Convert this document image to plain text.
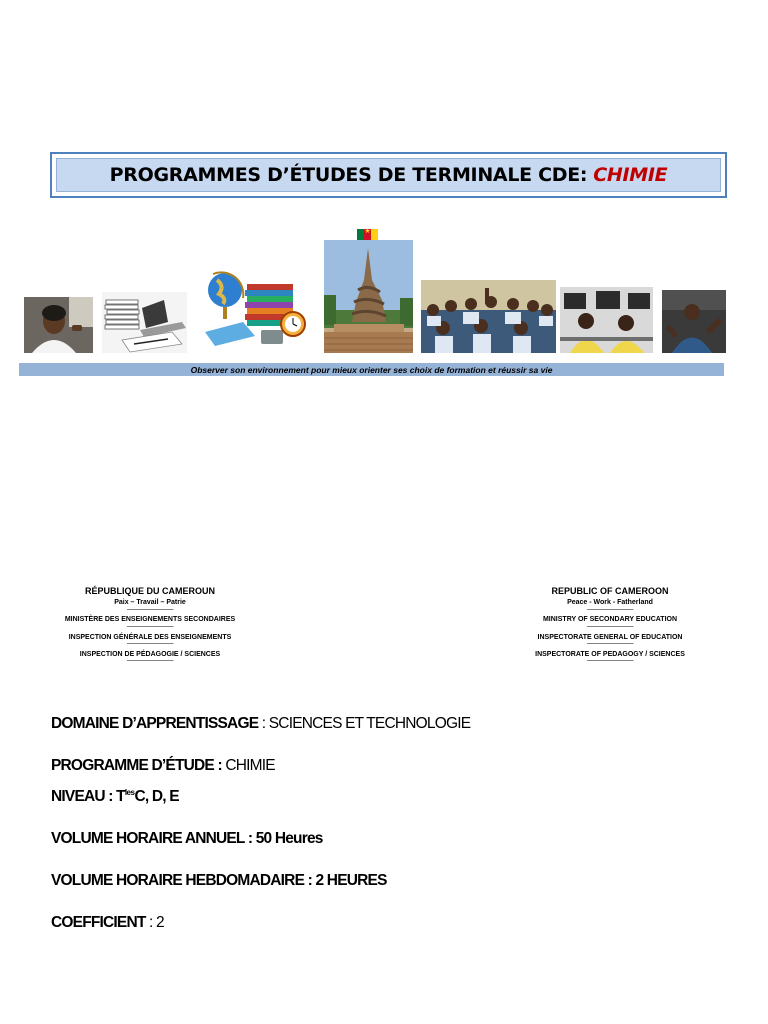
PROGRAMMES D’ÉTUDES DE TERMINALE CDE: CHIMIE
★
Observer son environnement pour mieux orienter ses choix de formation et réussir sa vie
RÉPUBLIQUE DU CAMEROUN
Paix – Travail – Patrie
-------------------------------
MINISTÈRE DES ENSEIGNEMENTS SECONDAIRES
-------------------------------
INSPECTION GÉNÉRALE DES ENSEIGNEMENTS
-------------------------------
INSPECTION DE PÉDAGOGIE / SCIENCES
-------------------------------
REPUBLIC OF CAMEROON
Peace - Work - Fatherland
-------------------------------
MINISTRY OF SECONDARY EDUCATION
-------------------------------
INSPECTORATE GENERAL OF EDUCATION
-------------------------------
INSPECTORATE OF PEDAGOGY / SCIENCES
-------------------------------
DOMAINE D’APPRENTISSAGE : SCIENCES ET TECHNOLOGIE
PROGRAMME D’ÉTUDE : CHIMIE
NIVEAU : $T^{les}C$, D, E
VOLUME HORAIRE ANNUEL : 50 Heures
VOLUME HORAIRE HEBDOMADAIRE : 2 HEURES
COEFFICIENT : 2
